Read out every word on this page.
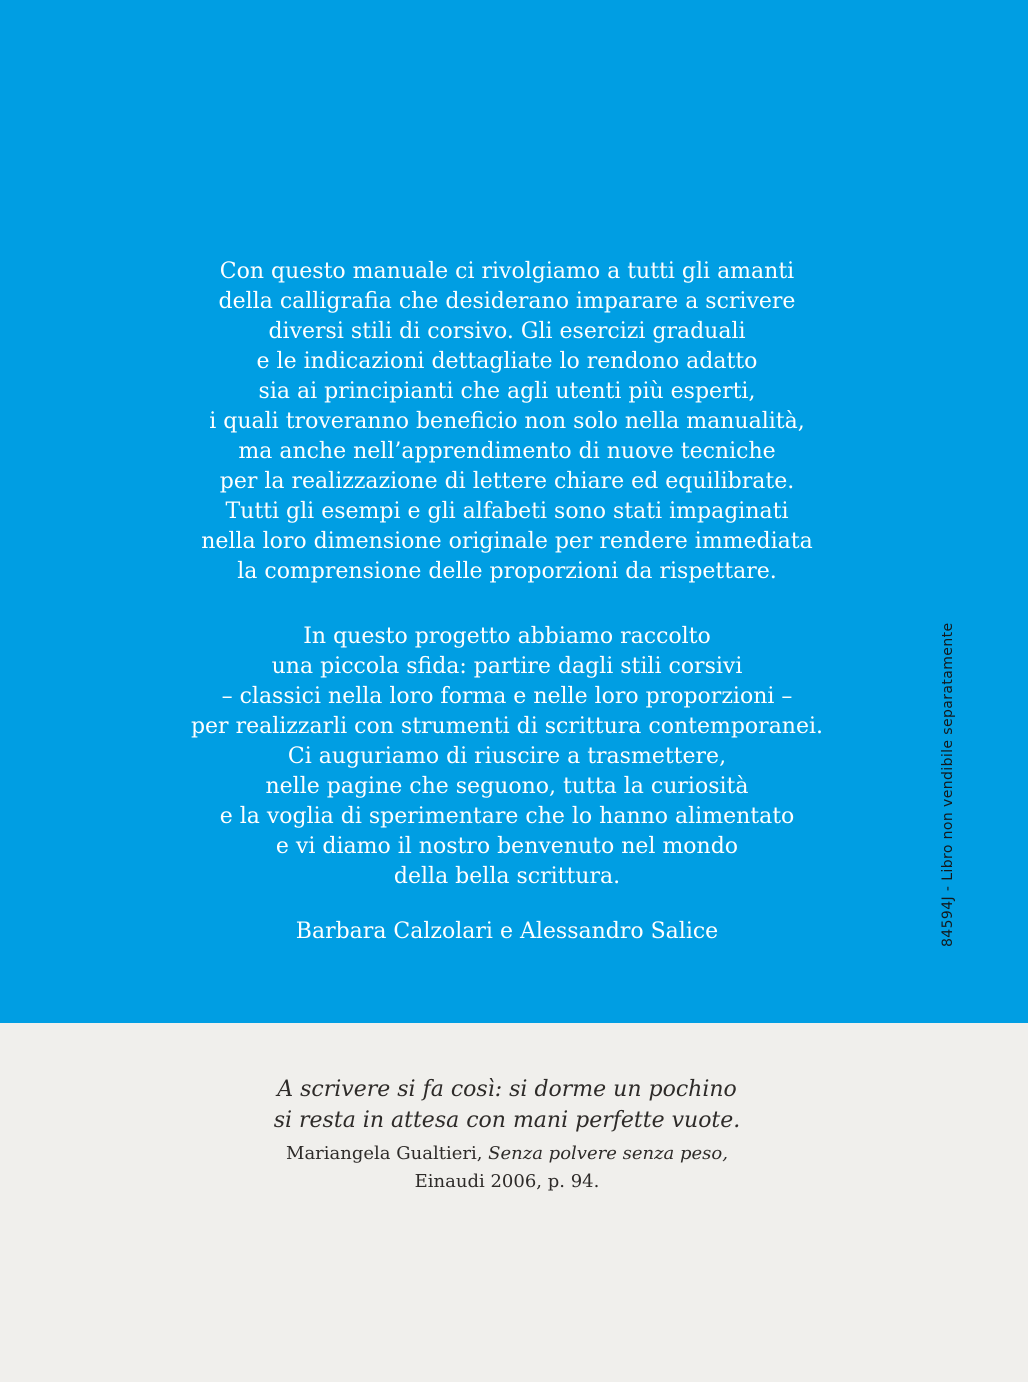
Con questo manuale ci rivolgiamo a tutti gli amanti
della calligrafia che desiderano imparare a scrivere
diversi stili di corsivo. Gli esercizi graduali
e le indicazioni dettagliate lo rendono adatto
sia ai principianti che agli utenti più esperti,
i quali troveranno beneficio non solo nella manualità,
ma anche nell’apprendimento di nuove tecniche
per la realizzazione di lettere chiare ed equilibrate.
Tutti gli esempi e gli alfabeti sono stati impaginati
nella loro dimensione originale per rendere immediata
la comprensione delle proporzioni da rispettare.

In questo progetto abbiamo raccolto
una piccola sfida: partire dagli stili corsivi
– classici nella loro forma e nelle loro proporzioni –
per realizzarli con strumenti di scrittura contemporanei.
Ci auguriamo di riuscire a trasmettere,
nelle pagine che seguono, tutta la curiosità
e la voglia di sperimentare che lo hanno alimentato
e vi diamo il nostro benvenuto nel mondo
della bella scrittura.

Barbara Calzolari e Alessandro Salice	84594J - Libro non vendibile separatamente
A scrivere si fa così: si dorme un pochino
si resta in attesa con mani perfette vuote.
Mariangela Gualtieri, Senza polvere senza peso,
Einaudi 2006, p. 94.
